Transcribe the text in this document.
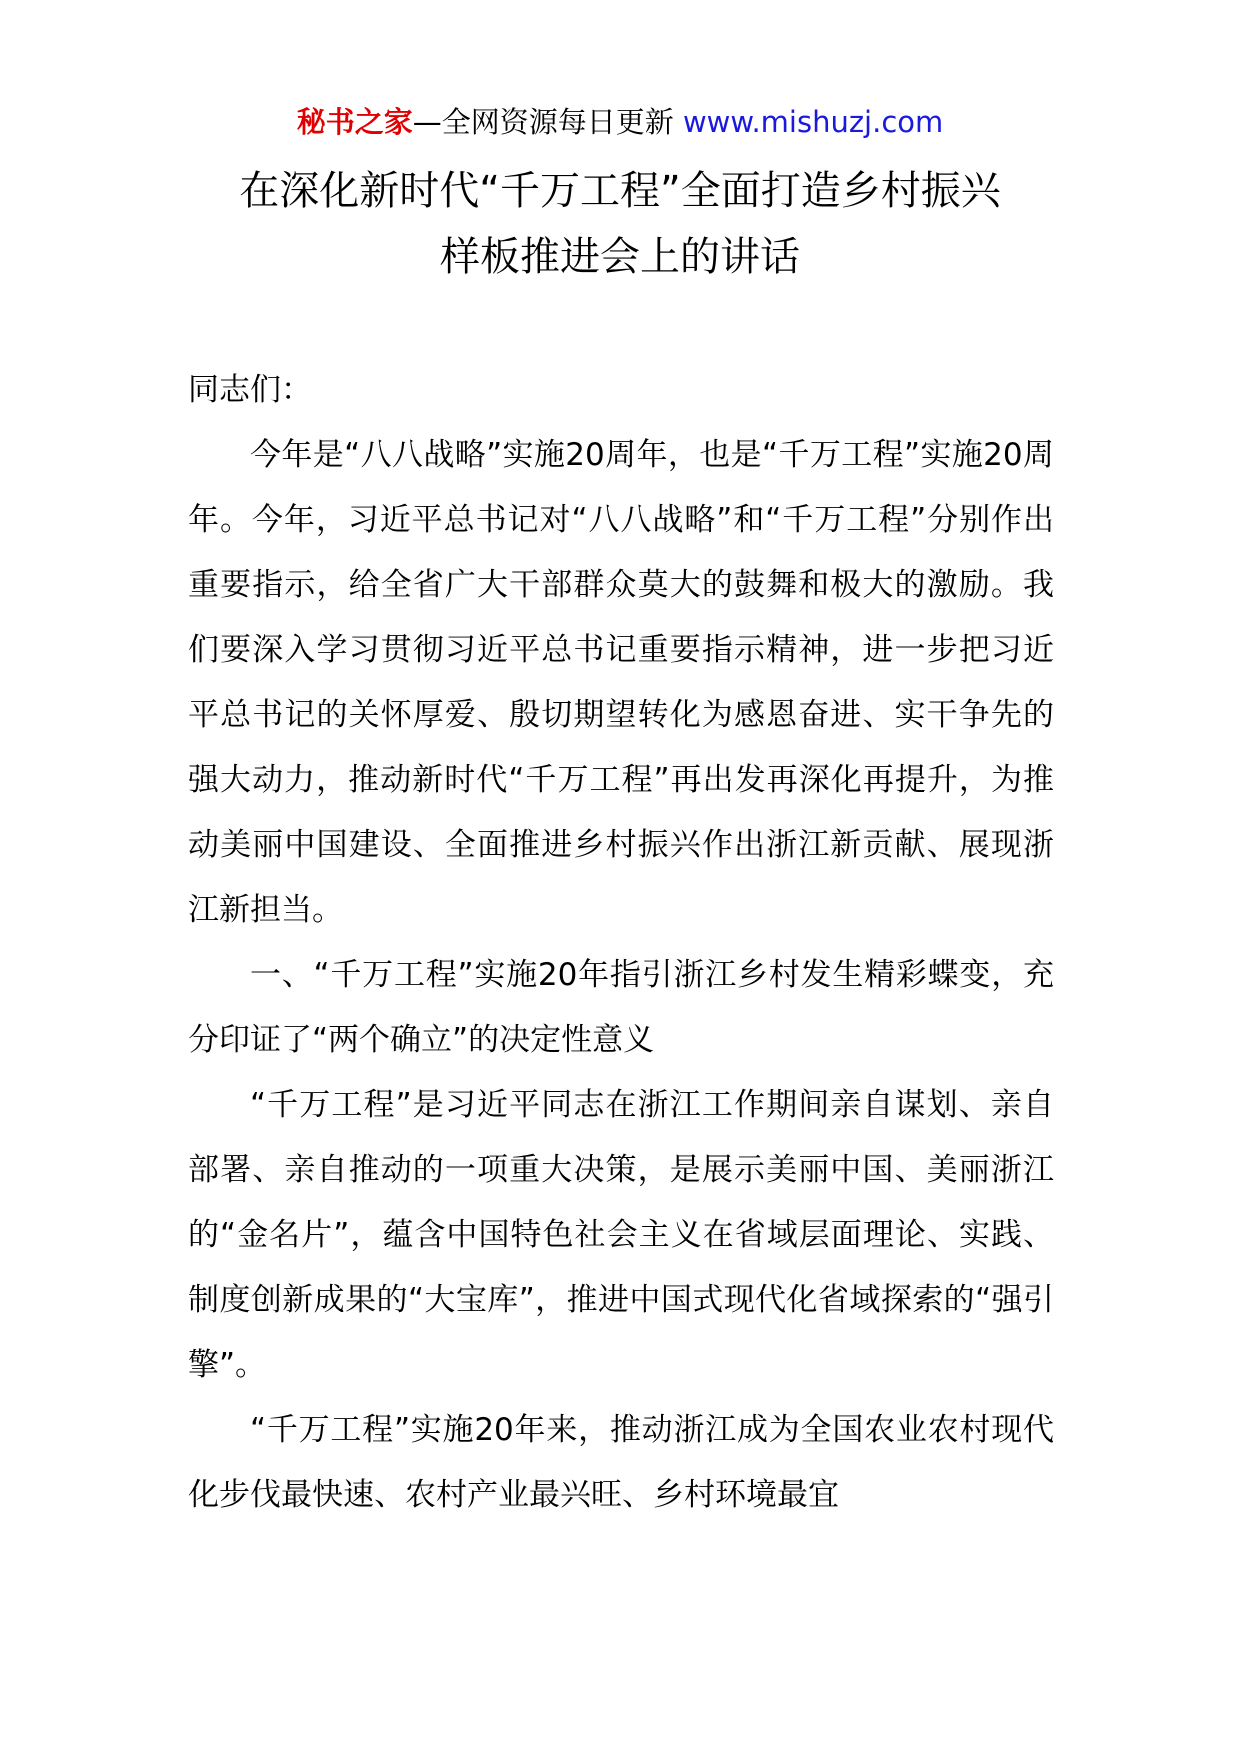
秘书之家—全网资源每日更新 www.mishuzj.com
在深化新时代“千万工程”全面打造乡村振兴
样板推进会上的讲话

同志们：

今年是“八八战略”实施20周年，也是“千万工程”实施20周年。今年，习近平总书记对“八八战略”和“千万工程”分别作出重要指示，给全省广大干部群众莫大的鼓舞和极大的激励。我们要深入学习贯彻习近平总书记重要指示精神，进一步把习近平总书记的关怀厚爱、殷切期望转化为感恩奋进、实干争先的强大动力，推动新时代“千万工程”再出发再深化再提升，为推动美丽中国建设、全面推进乡村振兴作出浙江新贡献、展现浙江新担当。

一、“千万工程”实施20年指引浙江乡村发生精彩蝶变，充分印证了“两个确立”的决定性意义

“千万工程”是习近平同志在浙江工作期间亲自谋划、亲自部署、亲自推动的一项重大决策，是展示美丽中国、美丽浙江的“金名片”，蕴含中国特色社会主义在省域层面理论、实践、制度创新成果的“大宝库”，推进中国式现代化省域探索的“强引擎”。

“千万工程”实施20年来，推动浙江成为全国农业农村现代化步伐最快速、农村产业最兴旺、乡村环境最宜
